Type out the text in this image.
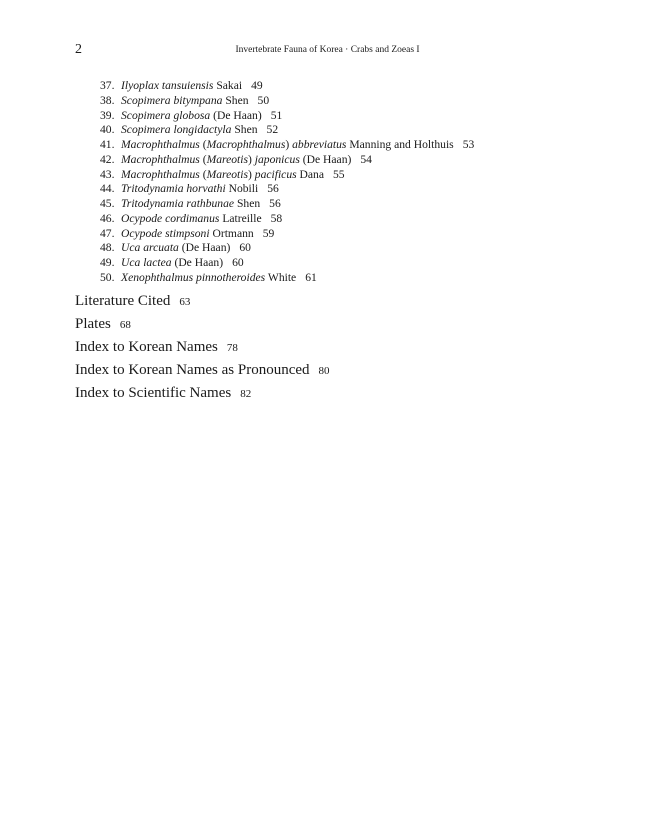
2	Invertebrate Fauna of Korea · Crabs and Zoeas I
37. Ilyoplax tansuiensis Sakai 49
38. Scopimera bitympana Shen 50
39. Scopimera globosa (De Haan) 51
40. Scopimera longidactyla Shen 52
41. Macrophthalmus (Macrophthalmus) abbreviatus Manning and Holthuis 53
42. Macrophthalmus (Mareotis) japonicus (De Haan) 54
43. Macrophthalmus (Mareotis) pacificus Dana 55
44. Tritodynamia horvathi Nobili 56
45. Tritodynamia rathbunae Shen 56
46. Ocypode cordimanus Latreille 58
47. Ocypode stimpsoni Ortmann 59
48. Uca arcuata (De Haan) 60
49. Uca lactea (De Haan) 60
50. Xenophthalmus pinnotheroides White 61
Literature Cited 63
Plates 68
Index to Korean Names 78
Index to Korean Names as Pronounced 80
Index to Scientific Names 82
